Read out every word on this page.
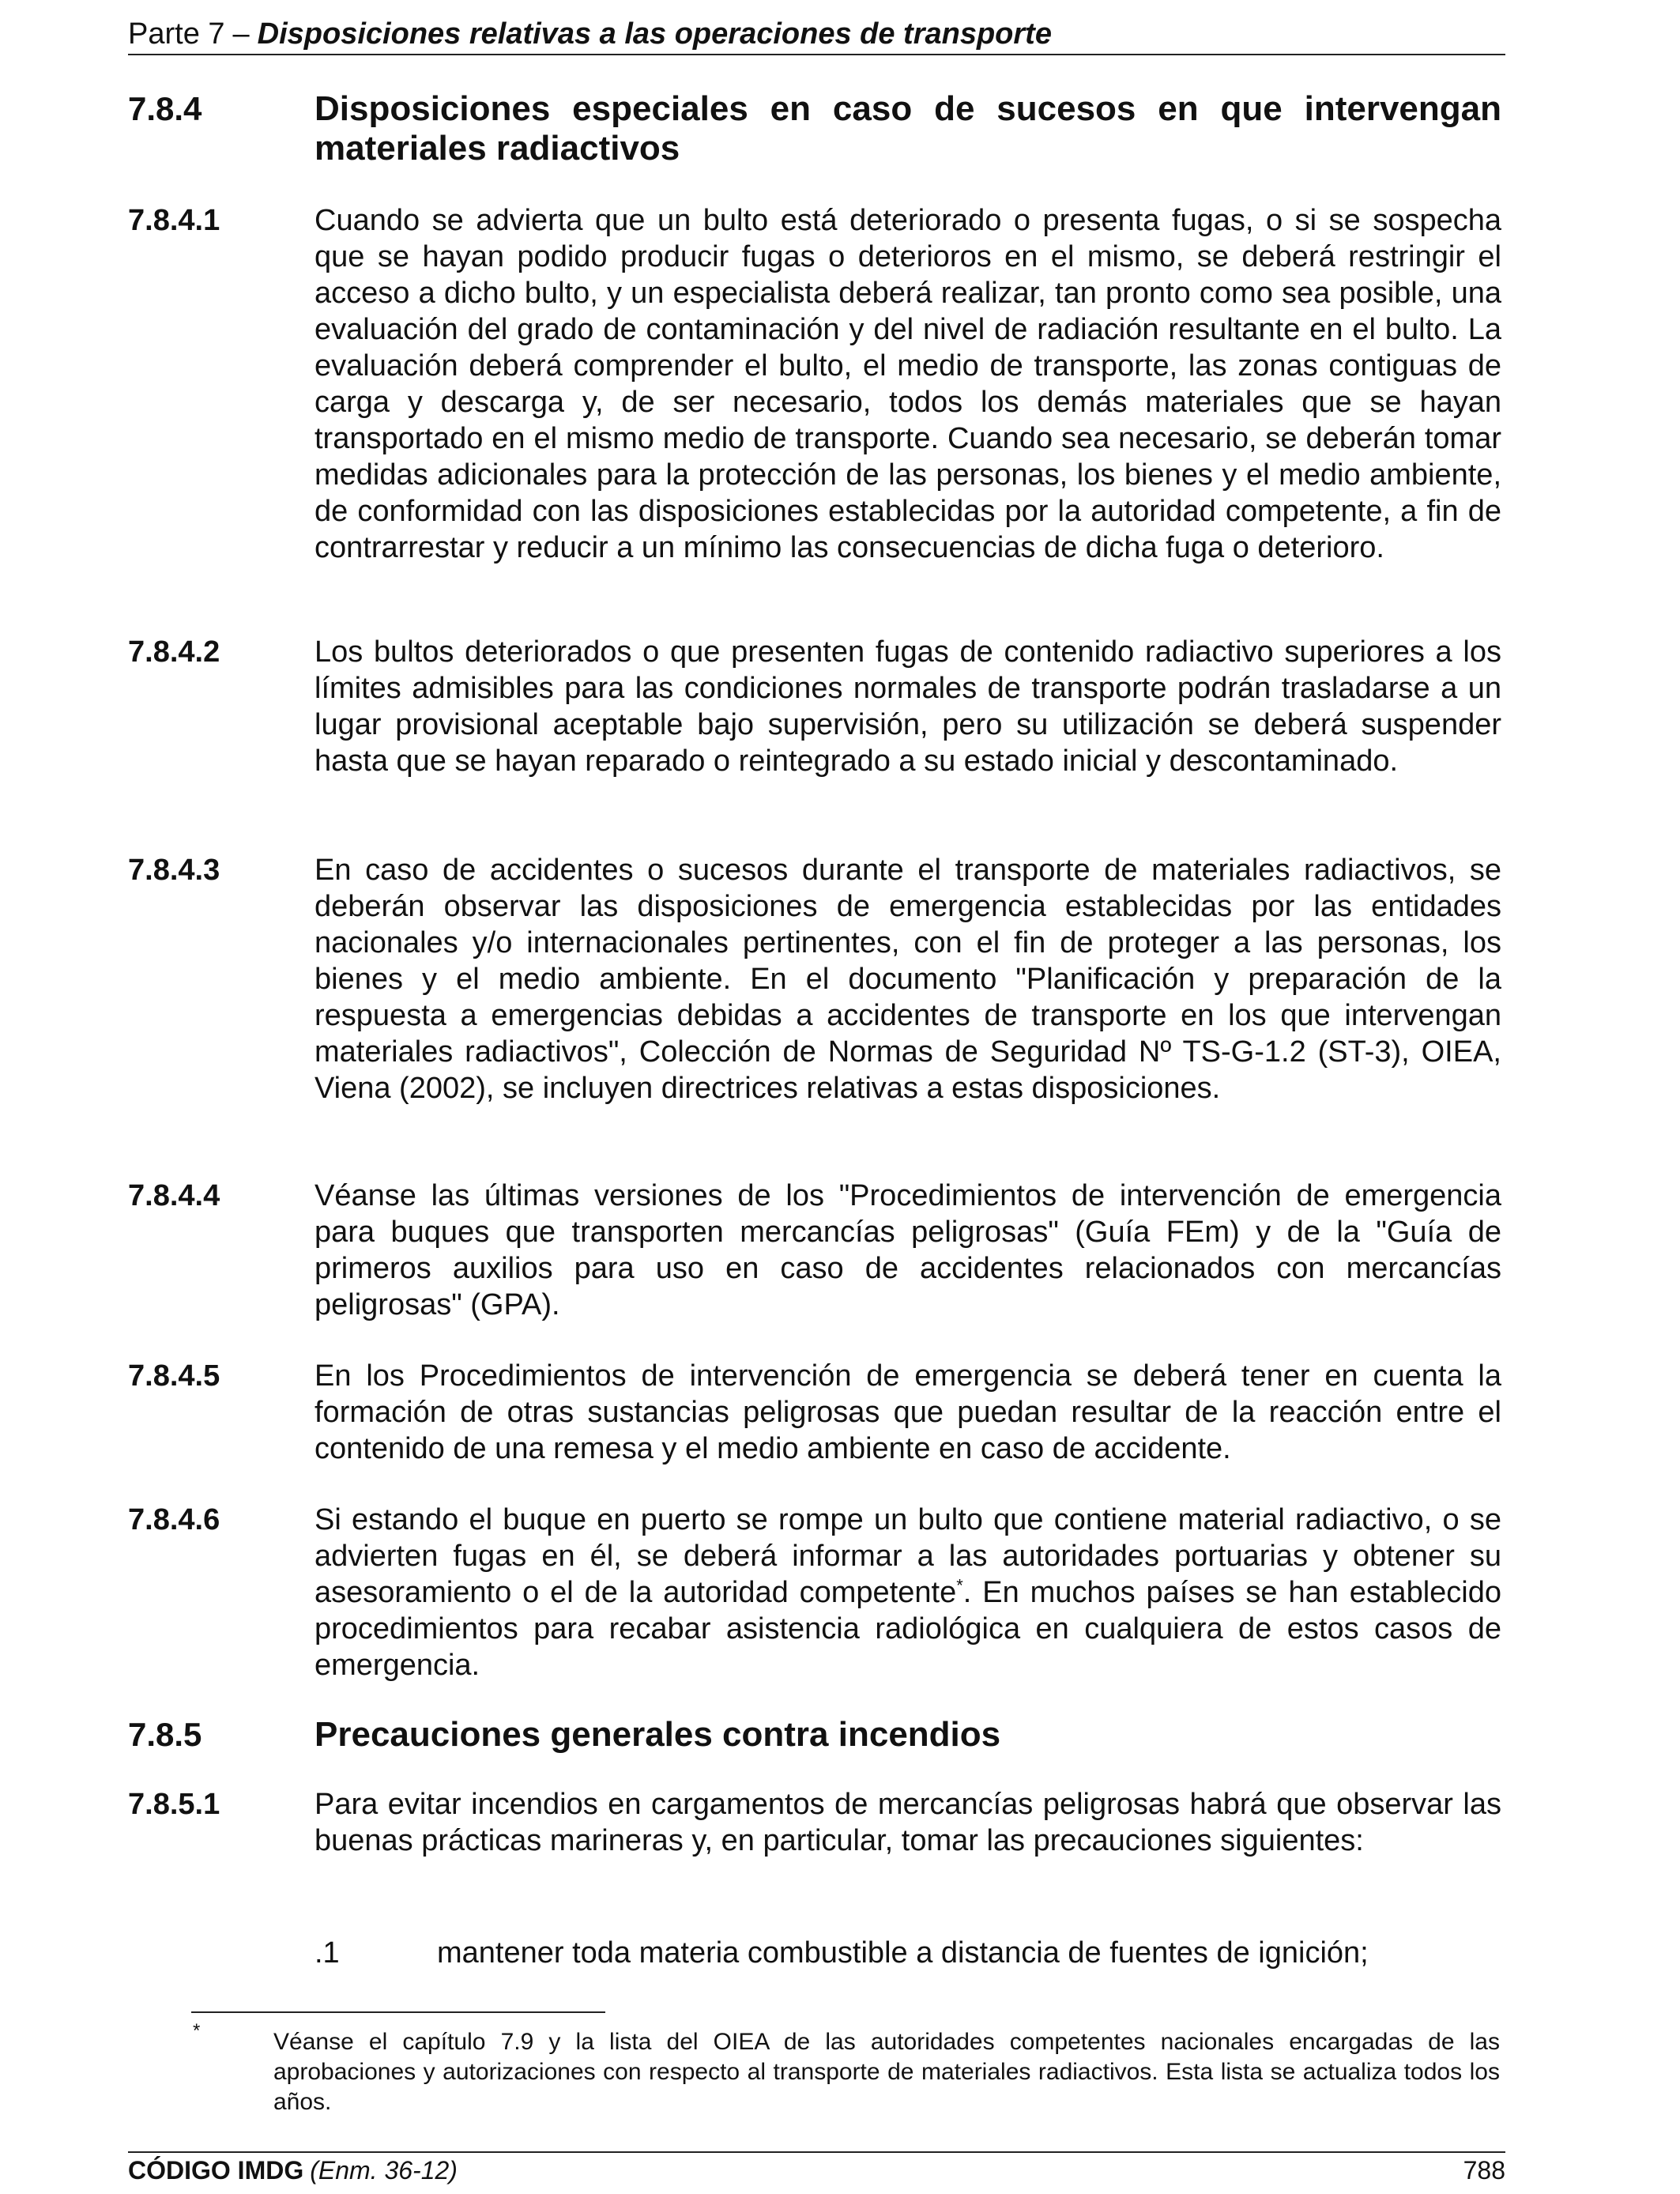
Parte 7 – Disposiciones relativas a las operaciones de transporte
7.8.4	Disposiciones especiales en caso de sucesos en que intervengan materiales radiactivos
7.8.4.1	Cuando se advierta que un bulto está deteriorado o presenta fugas, o si se sospecha que se hayan podido producir fugas o deterioros en el mismo, se deberá restringir el acceso a dicho bulto, y un especialista deberá realizar, tan pronto como sea posible, una evaluación del grado de contaminación y del nivel de radiación resultante en el bulto. La evaluación deberá comprender el bulto, el medio de transporte, las zonas contiguas de carga y descarga y, de ser necesario, todos los demás materiales que se hayan transportado en el mismo medio de transporte. Cuando sea necesario, se deberán tomar medidas adicionales para la protección de las personas, los bienes y el medio ambiente, de conformidad con las disposiciones establecidas por la autoridad competente, a fin de contrarrestar y reducir a un mínimo las consecuencias de dicha fuga o deterioro.
7.8.4.2	Los bultos deteriorados o que presenten fugas de contenido radiactivo superiores a los límites admisibles para las condiciones normales de transporte podrán trasladarse a un lugar provisional aceptable bajo supervisión, pero su utilización se deberá suspender hasta que se hayan reparado o reintegrado a su estado inicial y descontaminado.
7.8.4.3	En caso de accidentes o sucesos durante el transporte de materiales radiactivos, se deberán observar las disposiciones de emergencia establecidas por las entidades nacionales y/o internacionales pertinentes, con el fin de proteger a las personas, los bienes y el medio ambiente. En el documento "Planificación y preparación de la respuesta a emergencias debidas a accidentes de transporte en los que intervengan materiales radiactivos", Colección de Normas de Seguridad Nº TS-G-1.2 (ST-3), OIEA, Viena (2002), se incluyen directrices relativas a estas disposiciones.
7.8.4.4	Véanse las últimas versiones de los "Procedimientos de intervención de emergencia para buques que transporten mercancías peligrosas" (Guía FEm) y de la "Guía de primeros auxilios para uso en caso de accidentes relacionados con mercancías peligrosas" (GPA).
7.8.4.5	En los Procedimientos de intervención de emergencia se deberá tener en cuenta la formación de otras sustancias peligrosas que puedan resultar de la reacción entre el contenido de una remesa y el medio ambiente en caso de accidente.
7.8.4.6	Si estando el buque en puerto se rompe un bulto que contiene material radiactivo, o se advierten fugas en él, se deberá informar a las autoridades portuarias y obtener su asesoramiento o el de la autoridad competente*. En muchos países se han establecido procedimientos para recabar asistencia radiológica en cualquiera de estos casos de emergencia.
7.8.5	Precauciones generales contra incendios
7.8.5.1	Para evitar incendios en cargamentos de mercancías peligrosas habrá que observar las buenas prácticas marineras y, en particular, tomar las precauciones siguientes:
.1	mantener toda materia combustible a distancia de fuentes de ignición;
*	Véanse el capítulo 7.9 y la lista del OIEA de las autoridades competentes nacionales encargadas de las aprobaciones y autorizaciones con respecto al transporte de materiales radiactivos. Esta lista se actualiza todos los años.
CÓDIGO IMDG (Enm. 36-12)	788
